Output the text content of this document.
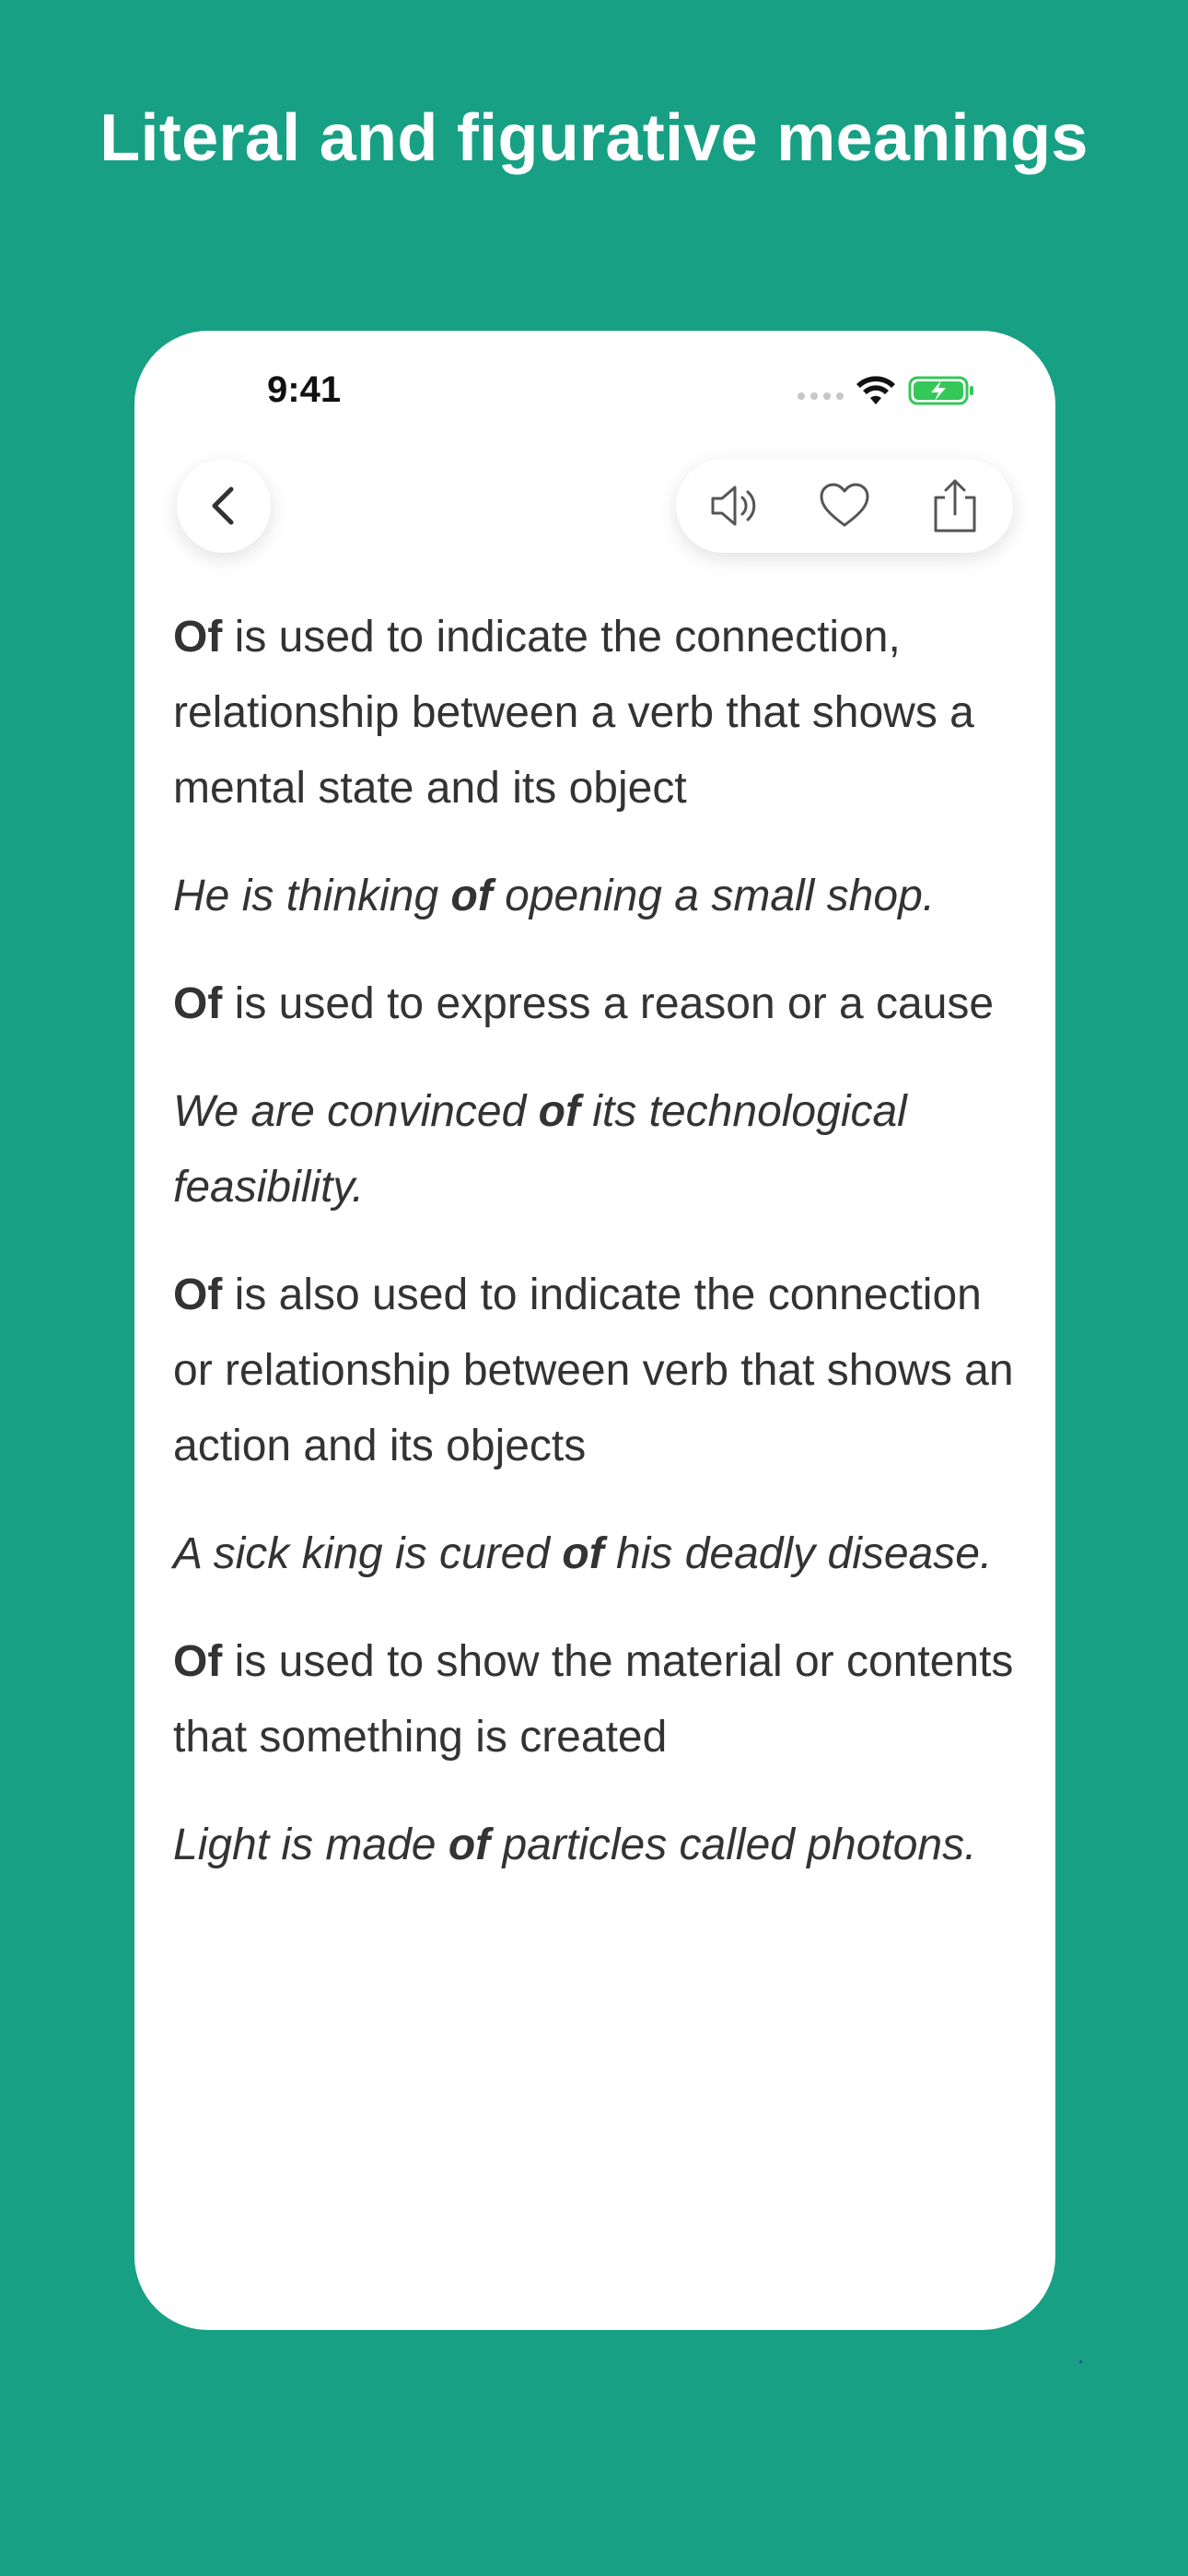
Literal and figurative meanings
9:41

Of is used to indicate the connection, relationship between a verb that shows a mental state and its object

He is thinking of opening a small shop.

Of is used to express a reason or a cause

We are convinced of its technological feasibility.

Of is also used to indicate the connection or relationship between verb that shows an action and its objects

A sick king is cured of his deadly disease.

Of is used to show the material or contents that something is created

Light is made of particles called photons.
